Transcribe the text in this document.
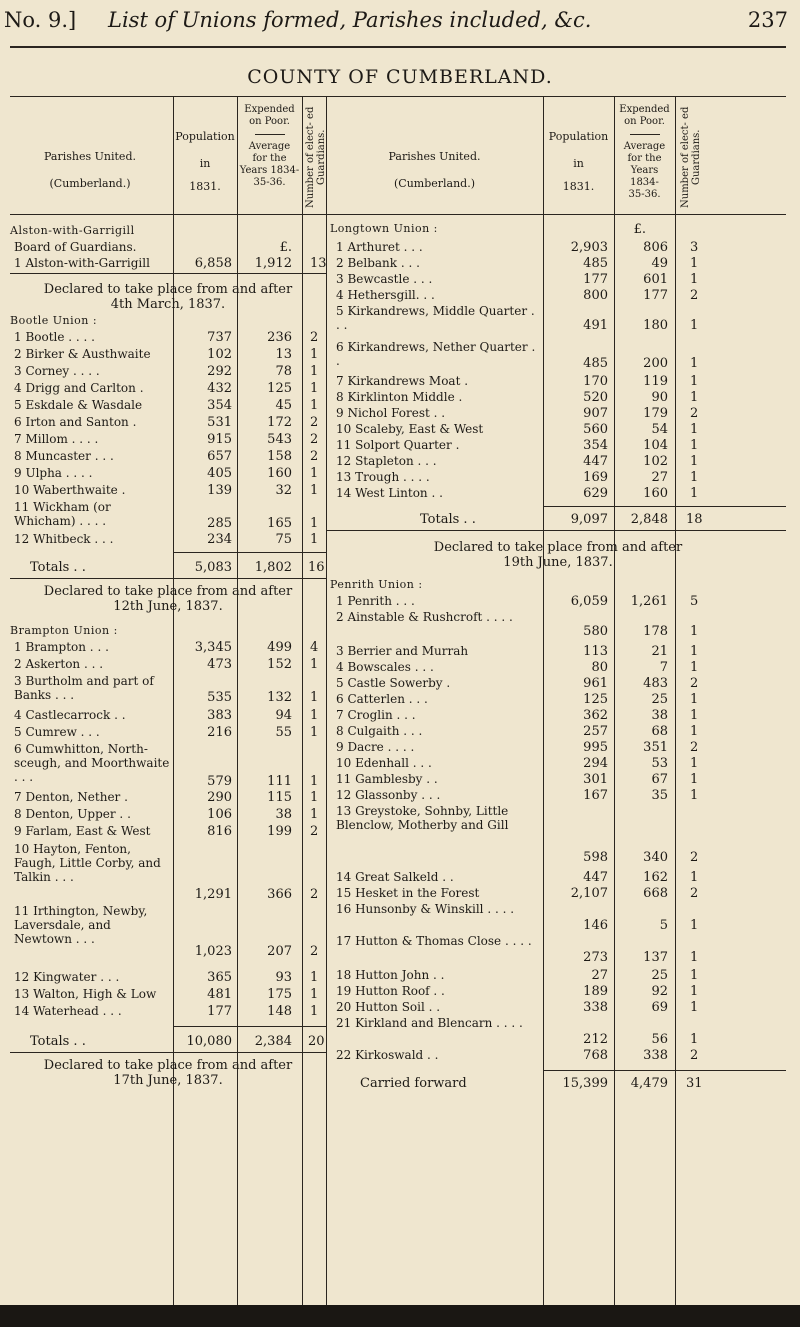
No. 9.] List of Unions formed, Parishes included, &c.	237
COUNTY OF CUMBERLAND.
Parishes United.
(Cumberland.)
Population
in
1831.
Expended
on Poor.
Average
for the
Years 1834-
35-36.	Number of elect- ed Guardians.	Parishes United.
(Cumberland.)
Population
in
1831.
Expended
on Poor.
Average
for the
Years 1834-
35-36.	Number of elect- ed Guardians.
Alston-with-Garrigill
Board of Guardians.	£.
1 Alston-with-Garrigill	6,858	1,912 13
Declared to take place from and after
4th March, 1837.
Bootle Union :
1 Bootle . . . .	737	236 2
2 Birker & Austhwaite	102	13 1
3 Corney . . . .	292	78 1
4 Drigg and Carlton .	432	125 1
5 Eskdale & Wasdale	354	45 1
6 Irton and Santon .	531	172 2
7 Millom . . . .	915	543 2
8 Muncaster . . .	657	158 2
9 Ulpha . . . .	405	160 1
10 Waberthwaite .	139	32 1
11 Wickham (or Whicham) . . . .	285	165 1
12 Whitbeck . . .	234	75 1
Totals . .	5,083	1,802 16
Declared to take place from and after
12th June, 1837.
Brampton Union :
1 Brampton . . .	3,345	499 4
2 Askerton . . .	473	152 1
3 Burtholm and part of Banks . . .	535	132 1
4 Castlecarrock . .	383	94 1
5 Cumrew . . .	216	55 1
6 Cumwhitton, North-sceugh, and Moorthwaite . . .	579	111 1
7 Denton, Nether .	290	115 1
8 Denton, Upper . .	106	38 1
9 Farlam, East & West	816	199 2
10 Hayton, Fenton, Faugh, Little Corby, and Talkin . . .
1,291	366 2
11 Irthington, Newby, Laversdale, and Newtown . . .
1,023	207 2
12 Kingwater . . .	365	93 1
13 Walton, High & Low	481	175 1
14 Waterhead . . .	177	148 1
Totals . .	10,080	2,384 20
Declared to take place from and after
17th June, 1837.
Longtown Union :	£.
1 Arthuret . . .	2,903	806 3
2 Belbank . . .	485	49 1
3 Bewcastle . . .	177	601 1
4 Hethersgill. . .	800	177 2
5 Kirkandrews, Middle Quarter . . .	491	180 1
6 Kirkandrews, Nether Quarter . .	485	200 1
7 Kirkandrews Moat .	170	119 1
8 Kirklinton Middle .	520	90 1
9 Nichol Forest . .	907	179 2
10 Scaleby, East & West	560	54 1
11 Solport Quarter .	354	104 1
12 Stapleton . . .	447	102 1
13 Trough . . . .	169	27 1
14 West Linton . .	629	160 1
Totals . .	9,097	2,848 18
Declared to take place from and after
19th June, 1837.
Penrith Union :
1 Penrith . . .	6,059	1,261 5
2 Ainstable & Rushcroft . . . .
580	178 1
3 Berrier and Murrah	113	21 1
4 Bowscales . . .	80	7 1
5 Castle Sowerby .	961	483 2
6 Catterlen . . .	125	25 1
7 Croglin . . .	362	38 1
8 Culgaith . . .	257	68 1
9 Dacre . . . .	995	351 2
10 Edenhall . . .	294	53 1
11 Gamblesby . .	301	67 1
12 Glassonby . . .	167	35 1
13 Greystoke, Sohnby, Little Blenclow, Motherby and Gill
598	340 2
14 Great Salkeld . .	447	162 1
15 Hesket in the Forest	2,107	668 2
16 Hunsonby & Winskill . . . .
146	5 1
17 Hutton & Thomas Close . . . .
273	137 1
18 Hutton John . .	27	25 1
19 Hutton Roof . .	189	92 1
20 Hutton Soil . .	338	69 1
21 Kirkland and Blencarn . . . .
212	56 1
22 Kirkoswald . .	768	338 2
Carried forward	15,399	4,479 31
